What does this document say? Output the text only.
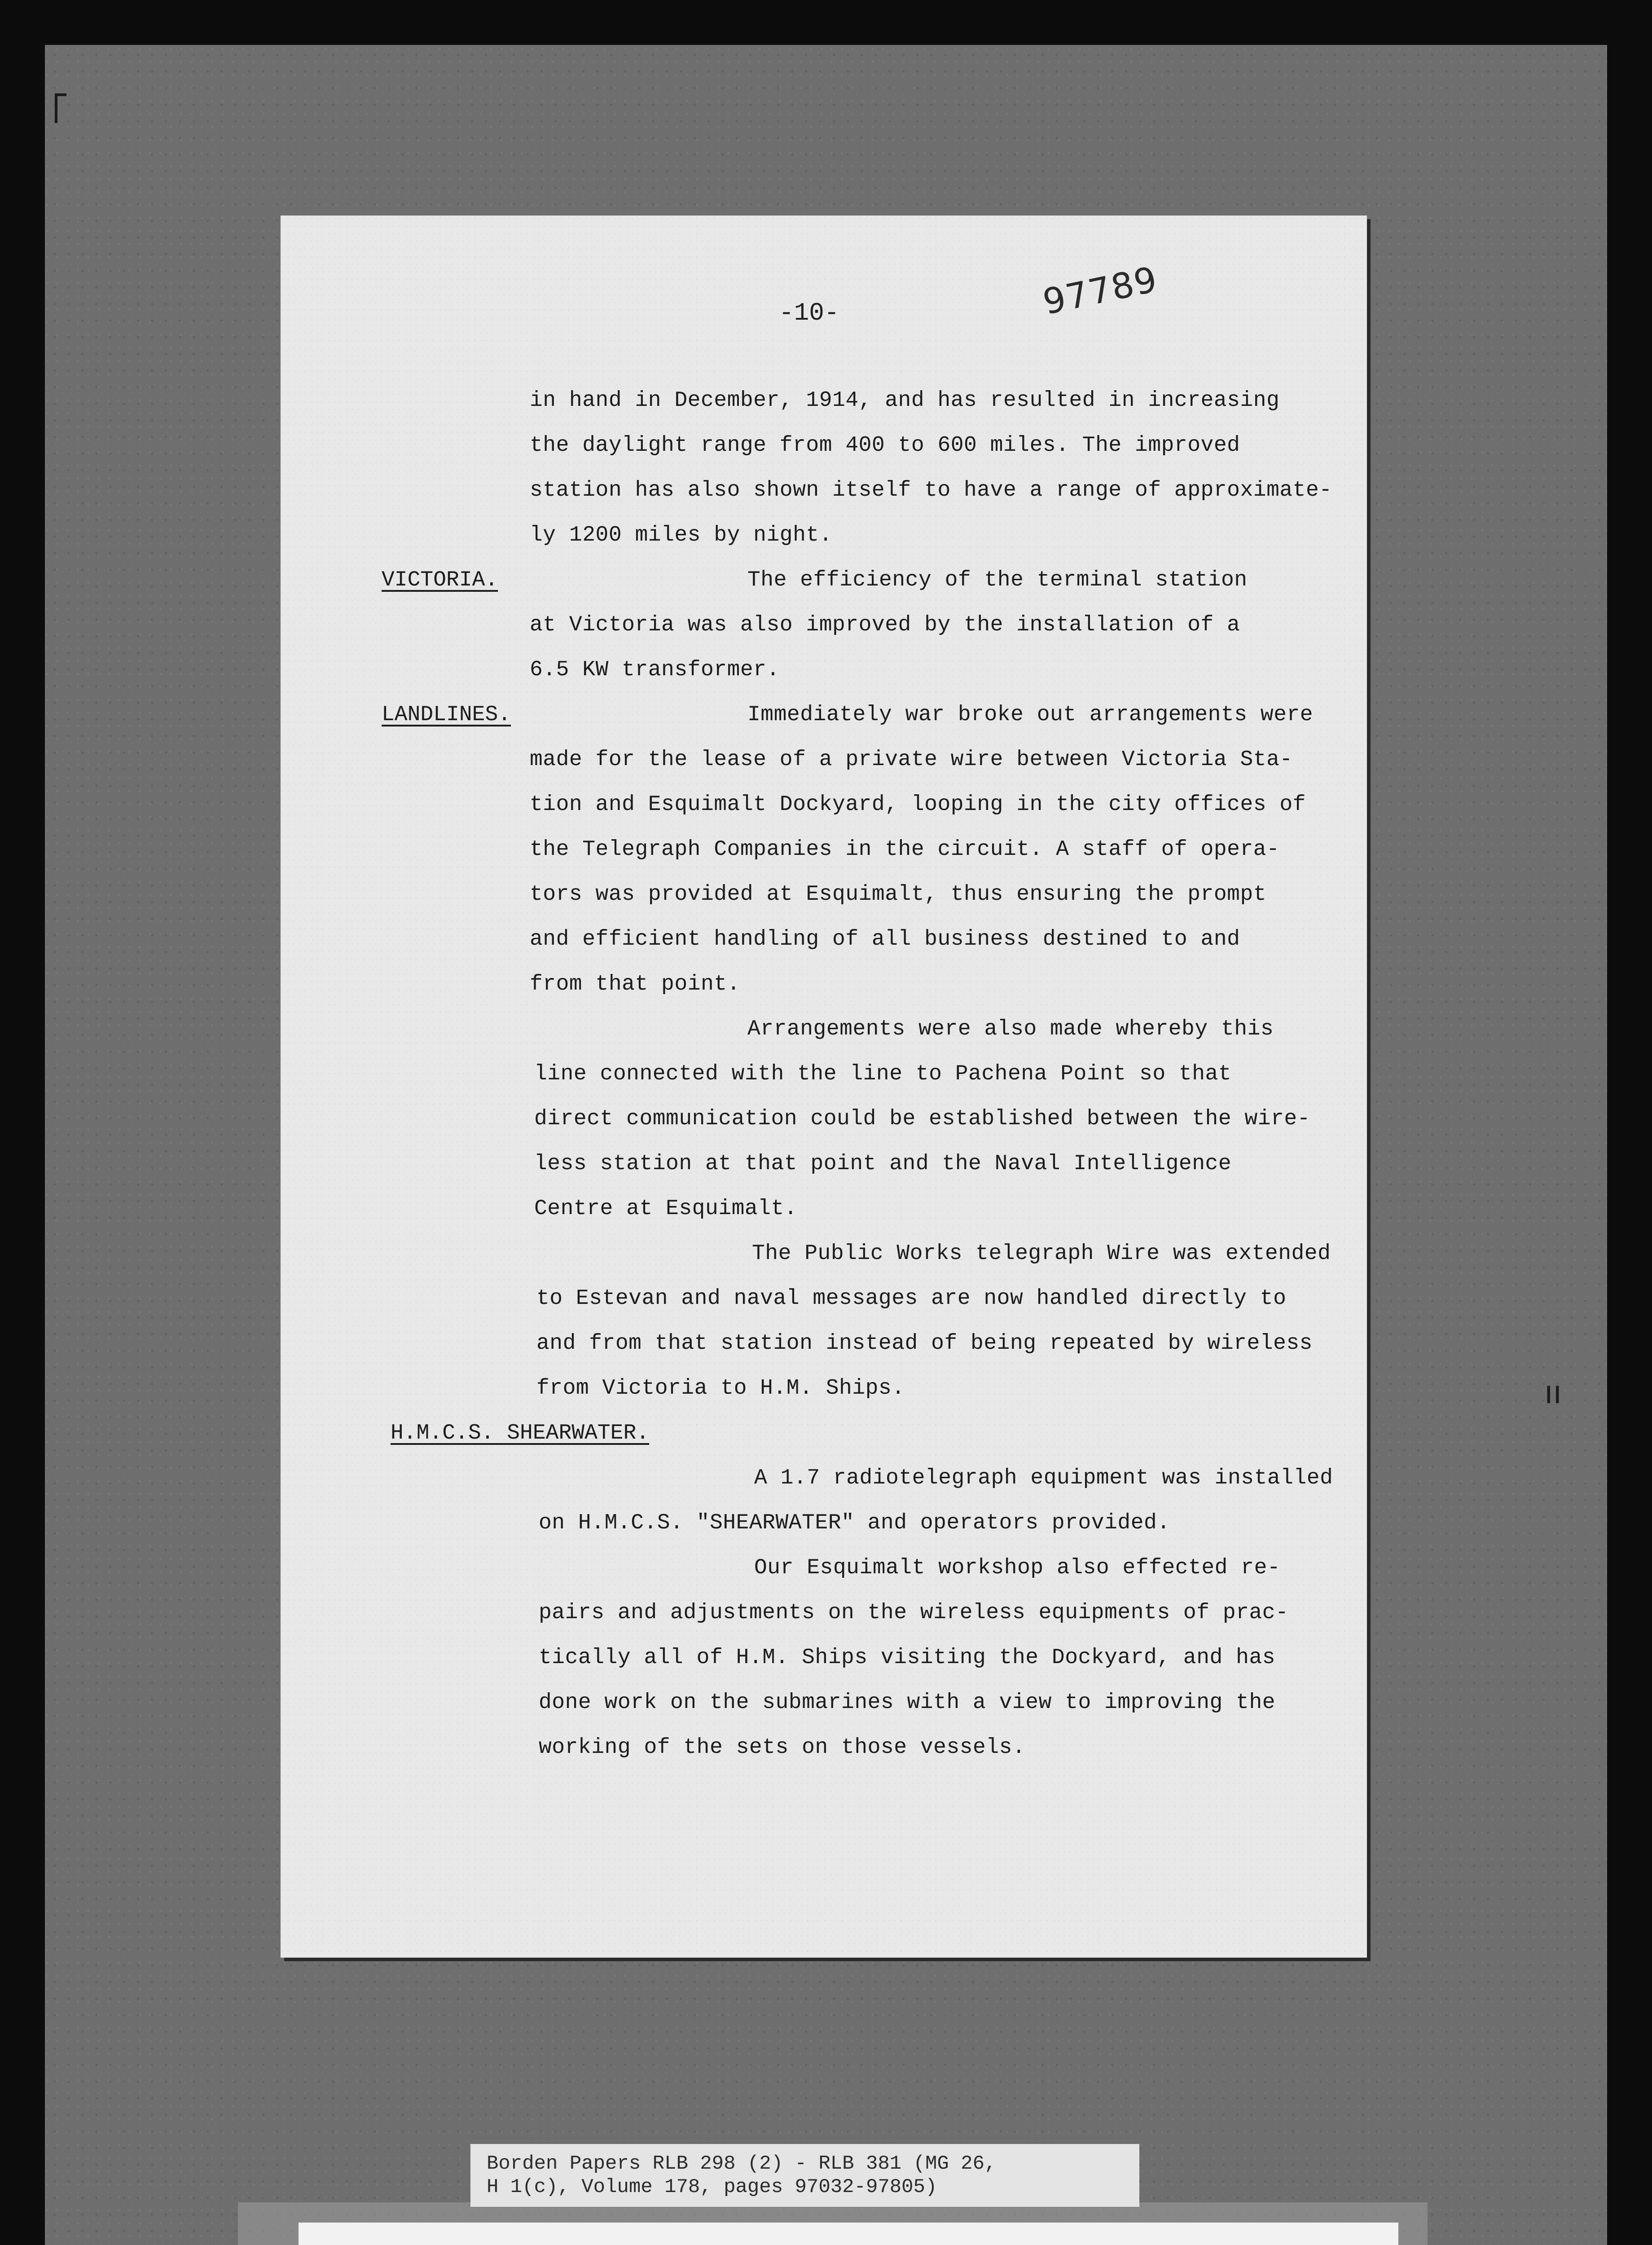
ıı
-10-	97789
in hand in December, 1914, and has resulted in increasing
the daylight range from 400 to 600 miles. The improved
station has also shown itself to have a range of approximate-
ly 1200 miles by night.
VICTORIA.	The efficiency of the terminal station
at Victoria was also improved by the installation of a
6.5 KW transformer.
LANDLINES.	Immediately war broke out arrangements were
made for the lease of a private wire between Victoria Sta-
tion and Esquimalt Dockyard, looping in the city offices of
the Telegraph Companies in the circuit. A staff of opera-
tors was provided at Esquimalt, thus ensuring the prompt
and efficient handling of all business destined to and
from that point.
Arrangements were also made whereby this
line connected with the line to Pachena Point so that
direct communication could be established between the wire-
less station at that point and the Naval Intelligence
Centre at Esquimalt.
The Public Works telegraph Wire was extended
to Estevan and naval messages are now handled directly to
and from that station instead of being repeated by wireless
from Victoria to H.M. Ships.
H.M.C.S. SHEARWATER.
A 1.7 radiotelegraph equipment was installed
on H.M.C.S. "SHEARWATER" and operators provided.
Our Esquimalt workshop also effected re-
pairs and adjustments on the wireless equipments of prac-
tically all of H.M. Ships visiting the Dockyard, and has
done work on the submarines with a view to improving the
working of the sets on those vessels.
Borden Papers RLB 298 (2) - RLB 381 (MG 26,
H 1(c), Volume 178, pages 97032-97805)
